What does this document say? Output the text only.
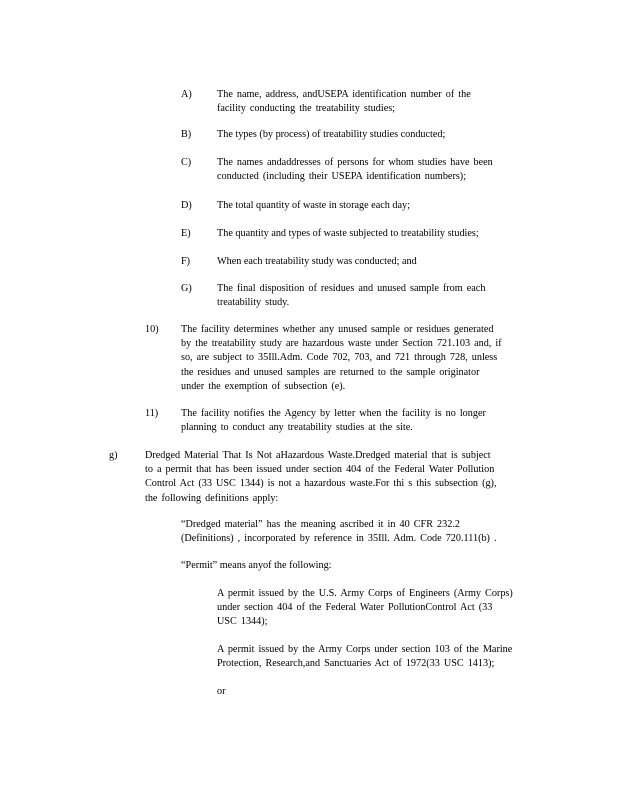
A) The name, address, andUSEPA identification number of the
facility conducting the treatability studies;
B)	The types (by process) of treatability studies conducted;
C)	The names andaddresses of persons for whom studies have been
conducted (including their USEPA identification numbers);
D) The total quantity of waste in storage each day;
E)	The quantity and types of waste subjected to treatability studies;
F)	When each treatability study was conducted; and
G) The final disposition of residues and unused sample from each
treatability study.
10) The facility determines whether any unused sample or residues generated
by the treatability study are hazardous waste under Section 721.103 and, if
so, are subject to 35Ill.Adm. Code 702, 703, and 721 through 728, unless
the residues and unused samples are returned to the sample originator
under the exemption of subsection (e).
11) The facility notifies the Agency by letter when the facility is no longer
planning to conduct any treatability studies at the site.
g)	Dredged Material That Is Not aHazardous Waste.Dredged material that is subject
to a permit that has been issued under section 404 of the Federal Water Pollution
Control Act (33 USC 1344) is not a hazardous waste.For thi s this subsection (g),
the following definitions apply:
“Dredged material” has the meaning ascribed it in 40 CFR 232.2
(Definitions) , incorporated by reference in 35Ill. Adm. Code 720.111(b) .
“Permit” means anyof the following:
A permit issued by the U.S. Army Corps of Engineers (Army Corps)
under section 404 of the Federal Water PollutionControl Act (33
USC 1344);
A permit issued by the Army Corps under section 103 of the Marine
Protection, Research,and Sanctuaries Act of 1972(33 USC 1413);
or
